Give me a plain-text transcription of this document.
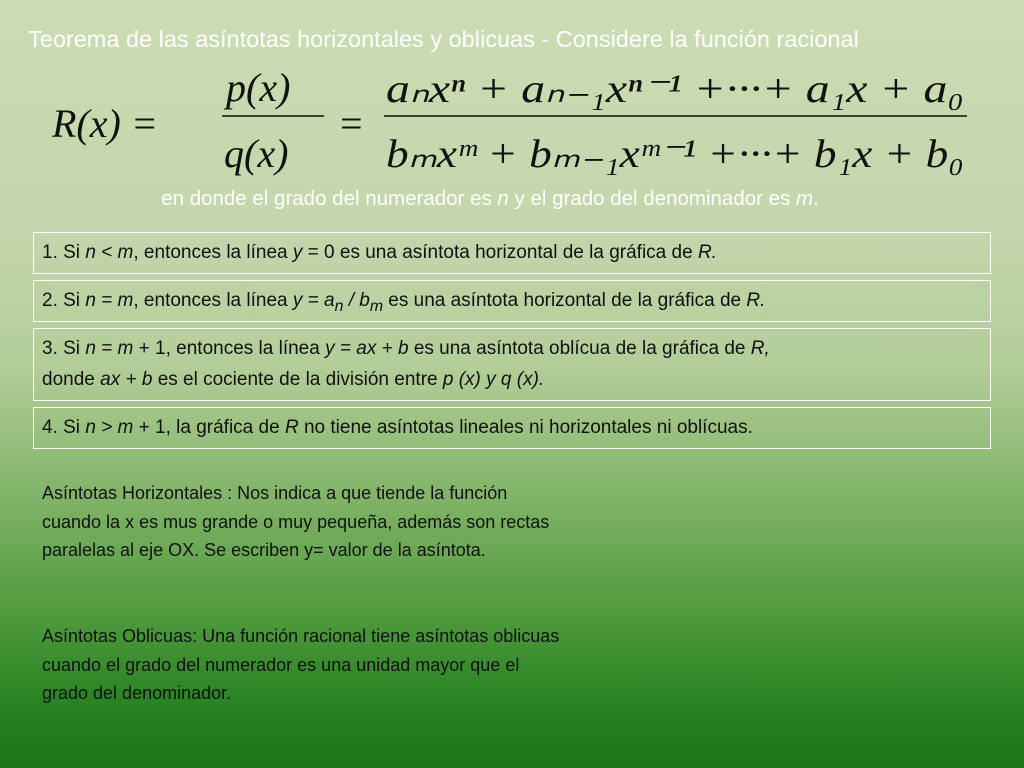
Teorema de las asíntotas horizontales y oblicuas - Considere la función racional
R(x) =
p(x)
q(x)
=
aₙxⁿ + aₙ₋₁xⁿ⁻¹ +···+ a₁x + a₀
bₘxᵐ + bₘ₋₁xᵐ⁻¹ +···+ b₁x + b₀
en donde el grado del numerador es n y el grado del denominador es m.
1. Si n < m, entonces la línea y = 0 es una asíntota horizontal de la gráfica de R.
2. Si n = m, entonces la línea $y = a_n / b_m$ es una asíntota horizontal de la gráfica de R.
3. Si n = m + 1, entonces la línea y = ax + b es una asíntota oblícua de la gráfica de R,
donde ax + b es el cociente de la división entre p (x) y q (x).
4. Si n > m + 1, la gráfica de R no tiene asíntotas lineales ni horizontales ni oblícuas.
Asíntotas Horizontales : Nos indica a que tiende la función cuando la x es mus grande o muy pequeña, además son rectas paralelas al eje OX. Se escriben y= valor de la asíntota.
Asíntotas Oblicuas: Una función racional tiene asíntotas oblicuas cuando el grado del numerador es una unidad mayor que el grado del denominador.
